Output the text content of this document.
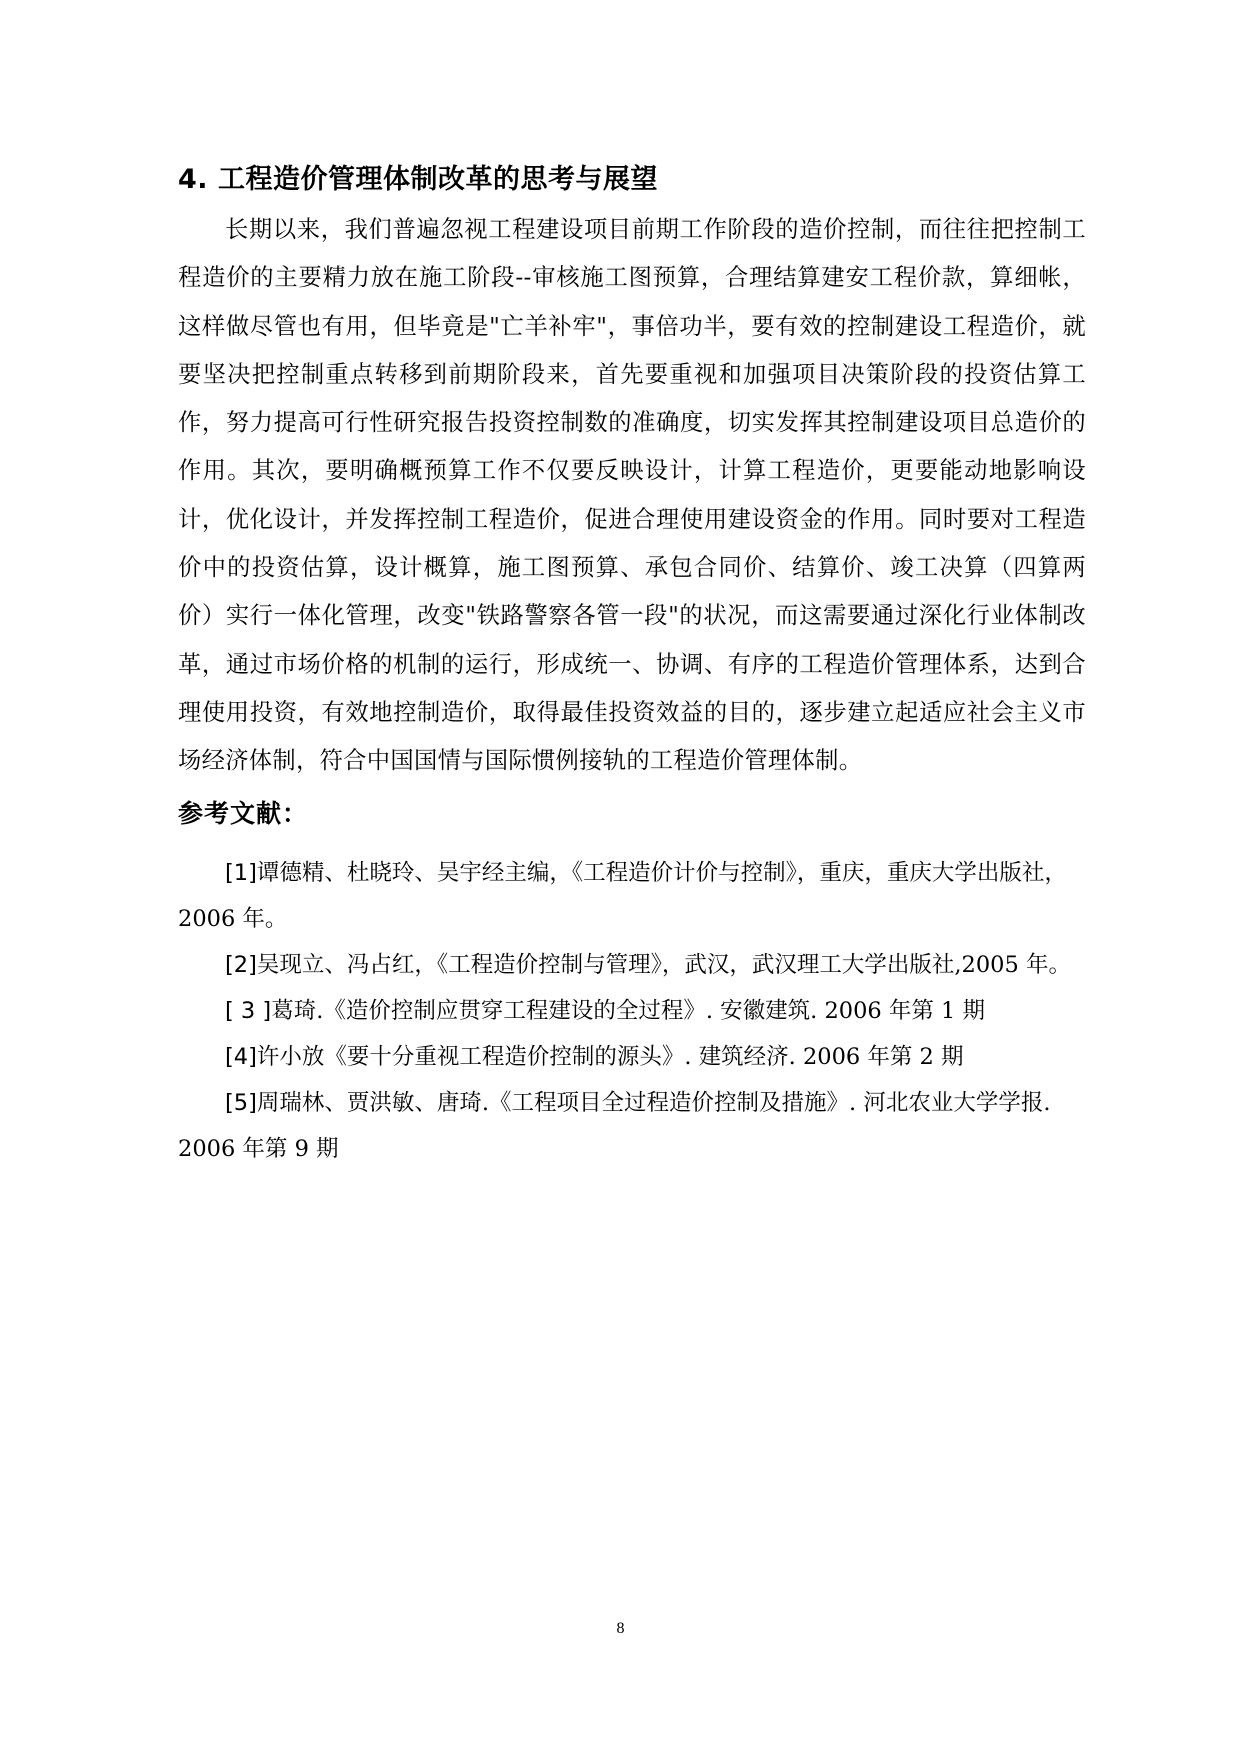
4. 工程造价管理体制改革的思考与展望

长期以来，我们普遍忽视工程建设项目前期工作阶段的造价控制，而往往把控制工程造价的主要精力放在施工阶段--审核施工图预算，合理结算建安工程价款，算细帐，这样做尽管也有用，但毕竟是"亡羊补牢"，事倍功半，要有效的控制建设工程造价，就要坚决把控制重点转移到前期阶段来，首先要重视和加强项目决策阶段的投资估算工作，努力提高可行性研究报告投资控制数的准确度，切实发挥其控制建设项目总造价的作用。其次，要明确概预算工作不仅要反映设计，计算工程造价，更要能动地影响设计，优化设计，并发挥控制工程造价，促进合理使用建设资金的作用。同时要对工程造价中的投资估算，设计概算，施工图预算、承包合同价、结算价、竣工决算（四算两价）实行一体化管理，改变"铁路警察各管一段"的状况，而这需要通过深化行业体制改革，通过市场价格的机制的运行，形成统一、协调、有序的工程造价管理体系，达到合理使用投资，有效地控制造价，取得最佳投资效益的目的，逐步建立起适应社会主义市场经济体制，符合中国国情与国际惯例接轨的工程造价管理体制。

参考文献：
[1]谭德精、杜晓玲、吴宇经主编，《工程造价计价与控制》，重庆，重庆大学出版社，2006 年。
[2]吴现立、冯占红，《工程造价控制与管理》，武汉，武汉理工大学出版社,2005 年。
[ 3 ]葛琦.《造价控制应贯穿工程建设的全过程》. 安徽建筑. 2006 年第 1 期
[4]许小放《要十分重视工程造价控制的源头》. 建筑经济. 2006 年第 2 期
[5]周瑞林、贾洪敏、唐琦.《工程项目全过程造价控制及措施》. 河北农业大学学报. 2006 年第 9 期
8
